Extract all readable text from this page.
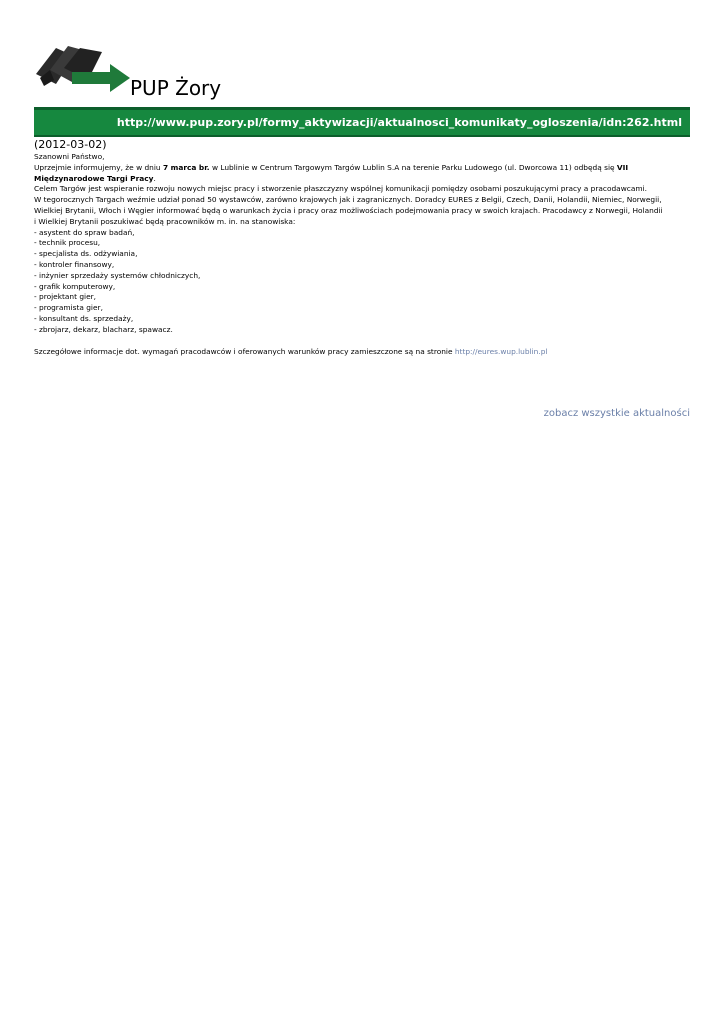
PUP Żory
http://www.pup.zory.pl/formy_aktywizacji/aktualnosci_komunikaty_ogloszenia/idn:262.html
(2012-03-02)

Szanowni Państwo,

Uprzejmie informujemy, że w dniu 7 marca br. w Lublinie w Centrum Targowym Targów Lublin S.A na terenie Parku Ludowego (ul. Dworcowa 11) odbędą się VII Międzynarodowe Targi Pracy.

Celem Targów jest wspieranie rozwoju nowych miejsc pracy i stworzenie płaszczyzny wspólnej komunikacji pomiędzy osobami poszukującymi pracy a pracodawcami.

W tegorocznych Targach weźmie udział ponad 50 wystawców, zarówno krajowych jak i zagranicznych. Doradcy EURES z Belgii, Czech, Danii, Holandii, Niemiec, Norwegii, Wielkiej Brytanii, Włoch i Węgier informować będą o warunkach życia i pracy oraz możliwościach podejmowania pracy w swoich krajach. Pracodawcy z Norwegii, Holandii

i Wielkiej Brytanii poszukiwać będą pracowników m. in. na stanowiska:

- asystent do spraw badań,
- technik procesu,
- specjalista ds. odżywiania,
- kontroler finansowy,
- inżynier sprzedaży systemów chłodniczych,
- grafik komputerowy,
- projektant gier,
- programista gier,
- konsultant ds. sprzedaży,
- zbrojarz, dekarz, blacharz, spawacz.

Szczegółowe informacje dot. wymagań pracodawców i oferowanych warunków pracy zamieszczone są na stronie http://eures.wup.lublin.pl

zobacz wszystkie aktualności
